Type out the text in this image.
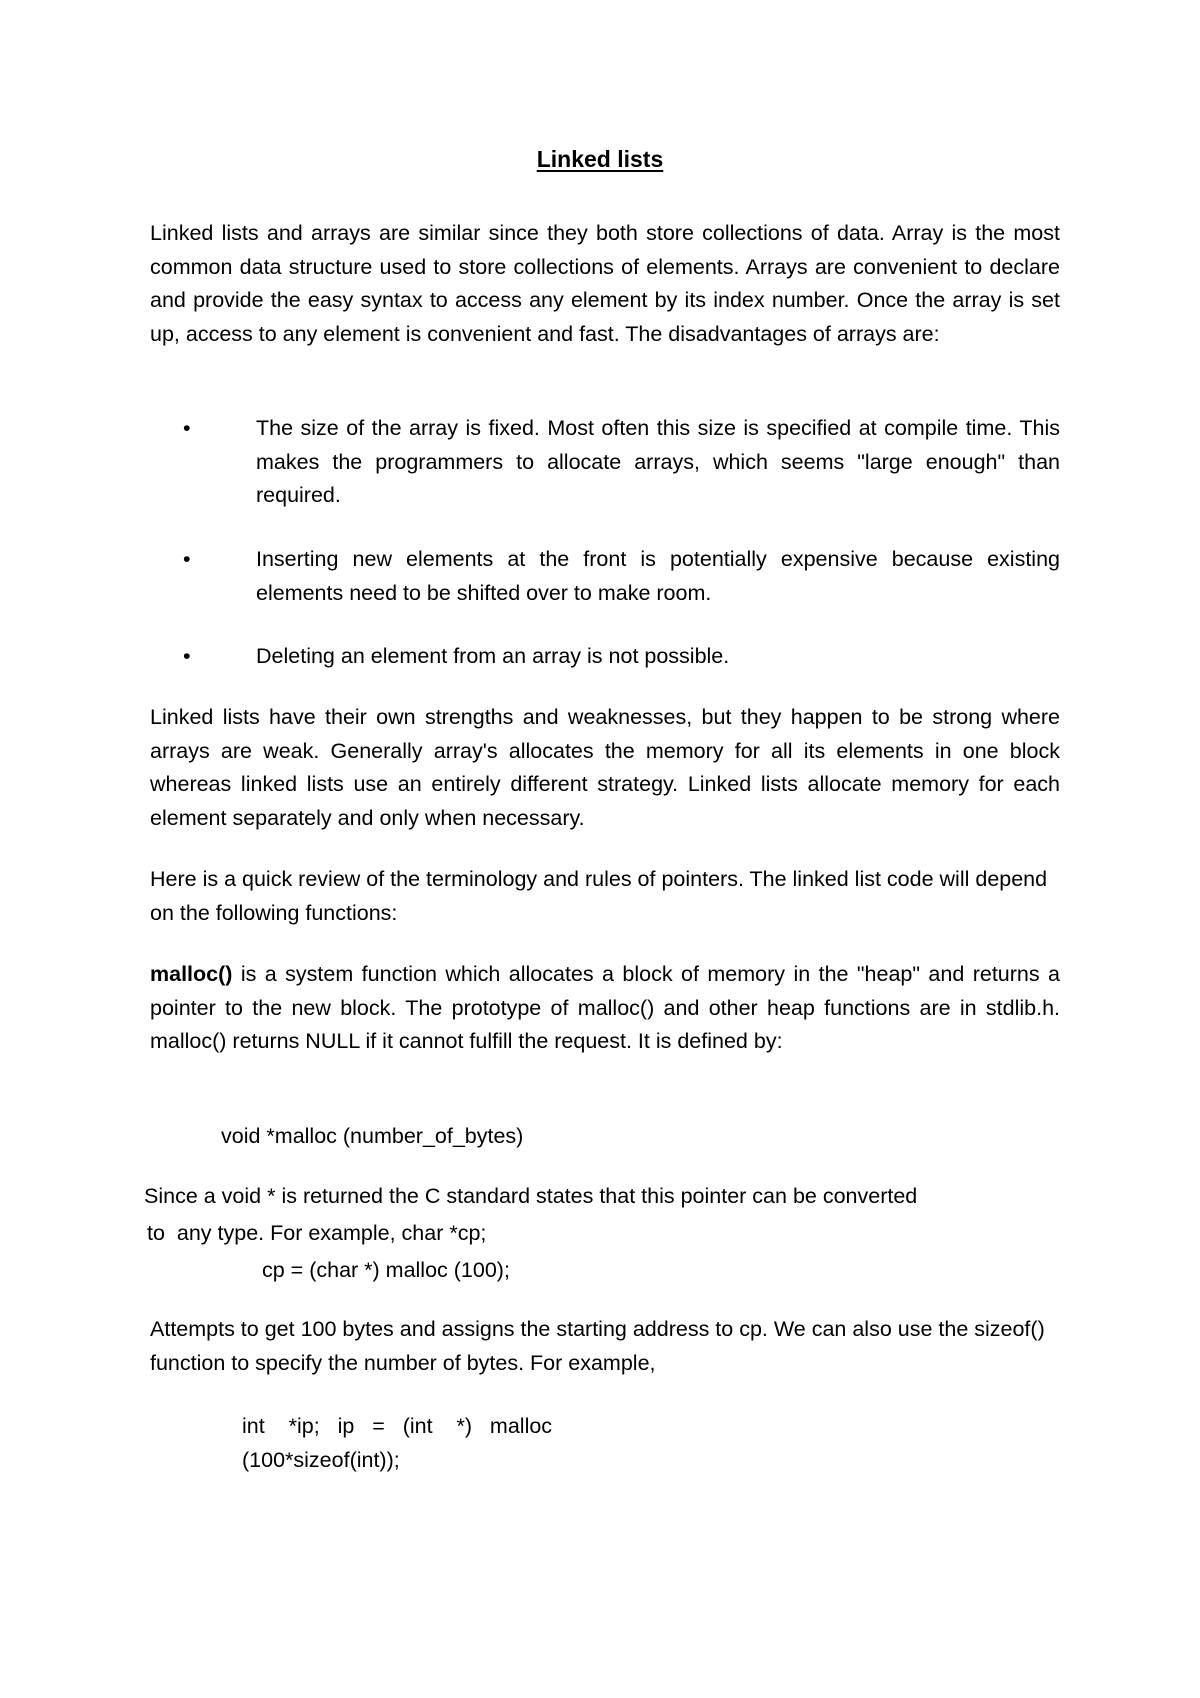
Linked lists

Linked lists and arrays are similar since they both store collections of data. Array is the most common data structure used to store collections of elements. Arrays are convenient to declare and provide the easy syntax to access any element by its index number. Once the array is set up, access to any element is convenient and fast. The disadvantages of arrays are:

•	The size of the array is fixed. Most often this size is specified at compile time. This makes the programmers to allocate arrays, which seems "large enough" than required.
•	Inserting new elements at the front is potentially expensive because existing elements need to be shifted over to make room.
•	Deleting an element from an array is not possible.

Linked lists have their own strengths and weaknesses, but they happen to be strong where arrays are weak. Generally array's allocates the memory for all its elements in one block whereas linked lists use an entirely different strategy. Linked lists allocate memory for each element separately and only when necessary.

Here is a quick review of the terminology and rules of pointers. The linked list code will depend on the following functions:

malloc() is a system function which allocates a block of memory in the "heap" and returns a pointer to the new block. The prototype of malloc() and other heap functions are in stdlib.h. malloc() returns NULL if it cannot fulfill the request. It is defined by:

void *malloc (number_of_bytes)
Since a void * is returned the C standard states that this pointer can be converted
to  any type. For example, char *cp;
cp = (char *) malloc (100);

Attempts to get 100 bytes and assigns the starting address to cp. We can also use the sizeof() function to specify the number of bytes. For example,

int    *ip;   ip   =   (int    *)   malloc
(100*sizeof(int));
